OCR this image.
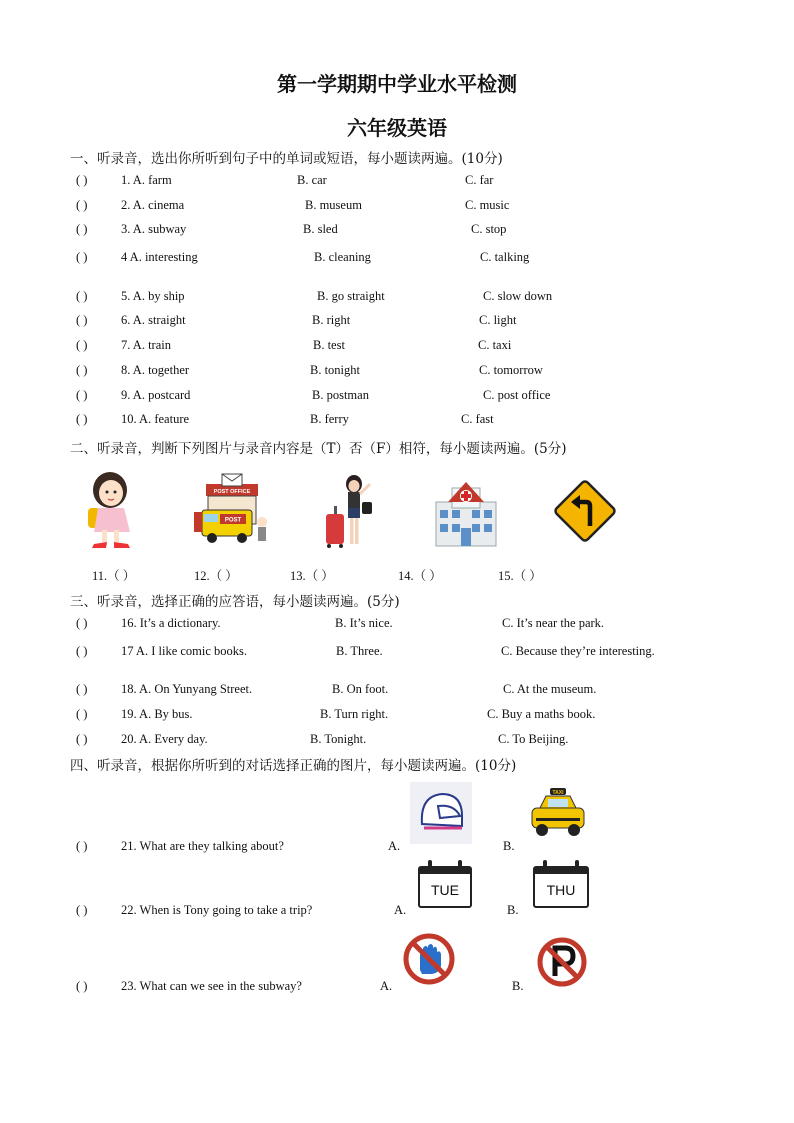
第一学期期中学业水平检测
六年级英语
一、听录音，选出你所听到句子中的单词或短语，每小题读两遍。(10分)
( )	1. A. farm	B. car	C. far
( )	2. A. cinema	B. museum	C. music
( )	3. A. subway	B. sled	C. stop
( )	4 A. interesting	B. cleaning	C. talking
( )	5. A. by ship	B. go straight	C. slow down
( )	6. A. straight	B. right	C. light
( )	7. A. train	B. test	C. taxi
( )	8. A. together	B. tonight	C. tomorrow
( )	9. A. postcard	B. postman	C. post office
( )	10. A. feature	B. ferry	C. fast
二、听录音，判断下列图片与录音内容是（T）否（F）相符，每小题读两遍。(5分)
POST OFFICE
POST
11.（ ）	12.（ ）	13.（ ）	14.（ ）	15.（ ）
三、听录音，选择正确的应答语，每小题读两遍。(5分)
( )	16. It’s a dictionary.	B. It’s nice.	C. It’s near the park.
( )	17 A. I like comic books.	B. Three.	C. Because they’re interesting.
( )	18. A. On Yunyang Street.	B. On foot.	C. At the museum.
( )	19. A. By bus.	B. Turn right.	C. Buy a maths book.
( )	20. A. Every day.	B. Tonight.	C. To Beijing.
四、听录音，根据你所听到的对话选择正确的图片，每小题读两遍。(10分)
TAXI
( )	21. What are they talking about?	A.	B.
TUE	THU
( )	22. When is Tony going to take a trip?	A.	B.
( )	23. What can we see in the subway?	A.	B.
